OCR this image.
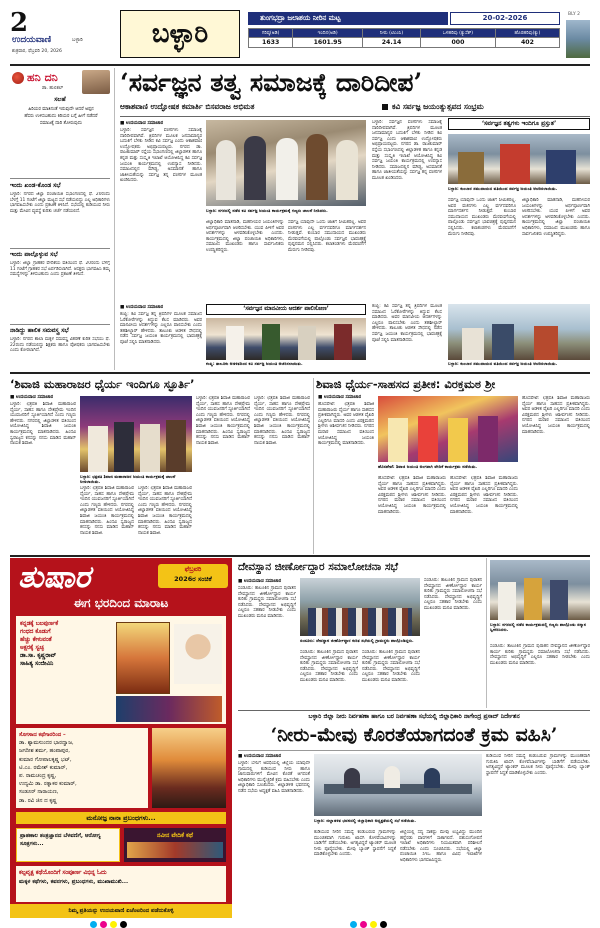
2
ಉದಯವಾಣಿ	ಬಳ್ಳಾರಿ
ಶುಕ್ರವಾರ, ಫೆಬ್ರವರಿ 20, 2026
ಬಳ್ಳಾರಿ
ತುಂಗಭದ್ರಾ ಜಲಾಶಯ ನೀರಿನ ಮಟ್ಟ	20-02-2026
ಗರಿಷ್ಠ(ಅಡಿ)	ಇಂದಿನ(ಅಡಿ)	ನೀರು (ಟಿಎಂಸಿ)	ಒಳಹರಿವು (ಕ್ಯುಸೆಕ್)	ಹೊರಹರಿವು(ಕ್ಯು)
1633	1601.95	24.14	000	402
BLY 2
ಹನಿ ದನಿ
ಡಾ. ಹುಲಿಕಲ್
ಸಲಹೆ
ಹಿರಿಯರ ಮಾತಿನಂತೆ ಇರುವುದೇ ಆದರೆ ಅಪ್ಪನ ಹೆಸರು ಉಳಿಸಬಹುದು ಕಿರಿಯರ ಬಗ್ಗೆ ಹೀಗೆ ನಡೆದರೆ ಸಮಾಜಕ್ಕೆ ದಾರಿ ತೋರುವುದು
ಇಂದು ಖಂಡ-ಕೊಂಡ ಸಭೆ
ಬಳ್ಳಾರಿ: ನಗರದ ಜಿಲ್ಲಾ ಪಂಚಾಯಿತಿ ಸಭಾಂಗಣದಲ್ಲಿ ಫೆ. 20ರಂದು ಬೆಳಗ್ಗೆ 11 ಗಂಟೆಗೆ ಜಿಲ್ಲಾ ಮಟ್ಟದ ಸಭೆ ನಡೆಯಲಿದ್ದು ಎಲ್ಲ ಅಧಿಕಾರಿಗಳು ಭಾಗವಹಿಸಬೇಕು ಎಂದು ಪ್ರಕಟಣೆ ತಿಳಿಸಿದೆ. ಸಭೆಯಲ್ಲಿ ಕುಡಿಯುವ ನೀರು ಮತ್ತು ಮೇವಿನ ವ್ಯವಸ್ಥೆ ಕುರಿತು ಚರ್ಚೆ ನಡೆಯಲಿದೆ.
ಇಂದು ಪಾಲ್ಗೊಳ್ಳುವ ಸಭೆ
ಬಳ್ಳಾರಿ: ಜಿಲ್ಲಾ ಗ್ರಾಹಕರ ವೇದಿಕೆಯ ವತಿಯಿಂದ ಫೆ. 20ರಂದು ಬೆಳಗ್ಗೆ 11 ಗಂಟೆಗೆ ಗ್ರಾಹಕರ ಸಭೆ ಏರ್ಪಡಿಸಲಾಗಿದೆ. ಆಸಕ್ತರು ಭಾಗವಹಿಸಿ ತಮ್ಮ ಸಮಸ್ಯೆಗಳನ್ನು ತಿಳಿಸಬಹುದು ಎಂದು ಪ್ರಕಟಣೆ ತಿಳಿಸಿದೆ.
ನಾಡಿದ್ದು ಹಾಲಿಕ ಸಮವಸ್ತ್ರ ಸಭೆ
ಬಳ್ಳಾರಿ: ನಗರದ ಶಾಲಾ ಮಕ್ಕಳ ಸಮವಸ್ತ್ರ ವಿತರಣೆ ಕುರಿತ ಸಭೆಯು ಫೆ. 22ರಂದು ನಡೆಯಲಿದ್ದು ಶಿಕ್ಷಕರು ಹಾಗೂ ಪೋಷಕರು ಭಾಗವಹಿಸಬೇಕು ಎಂದು ಕೋರಲಾಗಿದೆ.
‘ಸರ್ವಜ್ಞನ ತತ್ವ ಸಮಾಜಕ್ಕೆ ದಾರಿದೀಪ’
ಆಕಾಶವಾಣಿ ಉದ್ಘೋಷಕ ಕಮಾರ್ತಿ ಬಿಸವರಾಜ ಅಭಿಮತ	ಕವಿ ಸರ್ವಜ್ಞ ಜಯಂತ್ಯುತ್ಸವದ ಸಂಭ್ರಮ
■ ಉದಯವಾಣಿ ಸಮಾಚಾರ
ಬಳ್ಳಾರಿ: ಸರ್ವಜ್ಞನ ವಚನಗಳು ಸಮಾಜಕ್ಕೆ ದಾರಿದೀಪವಾಗಿವೆ. ತ್ರಿಪದಿಗಳ ಮೂಲಕ ಜನಸಾಮಾನ್ಯರ ಬದುಕಿಗೆ ಬೆಳಕು ನೀಡಿದ ಕವಿ ಸರ್ವಜ್ಞ ಎಂದು ಆಕಾಶವಾಣಿ ಉದ್ಘೋಷಕರು ಅಭಿಪ್ರಾಯಪಟ್ಟರು. ನಗರದ ಡಾ. ರಾಜಕುಮಾರ್ ರಸ್ತೆಯ ಸಭಾಂಗಣದಲ್ಲಿ ಜಿಲ್ಲಾಡಳಿತ ಹಾಗೂ ಕನ್ನಡ ಮತ್ತು ಸಂಸ್ಕೃತಿ ಇಲಾಖೆ ಆಯೋಜಿಸಿದ್ದ ಕವಿ ಸರ್ವಜ್ಞ ಜಯಂತಿ ಕಾರ್ಯಕ್ರಮದಲ್ಲಿ ಉಪನ್ಯಾಸ ನೀಡಿದರು. ಸಮಾಜದಲ್ಲಿನ ಮೌಢ್ಯ, ಅಸಮಾನತೆ ಹಾಗೂ ಜಾತೀಯತೆಯನ್ನು ಸರ್ವಜ್ಞ ತನ್ನ ವಚನಗಳ ಮೂಲಕ ಖಂಡಿಸಿದರು.
ಬಳ್ಳಾರಿ: ನಗರದಲ್ಲಿ ನಡೆದ ಕವಿ ಸರ್ವಜ್ಞ ಜಯಂತಿ ಕಾರ್ಯಕ್ರಮಕ್ಕೆ ಗಣ್ಯರು ಚಾಲನೆ ನೀಡಿದರು.
ಜಿಲ್ಲಾಧಿಕಾರಿ ಮಾತನಾಡಿ, ಮಹನೀಯರ ಜಯಂತಿಗಳನ್ನು ಅರ್ಥಪೂರ್ಣವಾಗಿ ಆಚರಿಸಬೇಕು. ಯುವ ಪೀಳಿಗೆ ಅವರ ಆದರ್ಶಗಳನ್ನು ಅಳವಡಿಸಿಕೊಳ್ಳಬೇಕು ಎಂದರು. ಕಾರ್ಯಕ್ರಮದಲ್ಲಿ ಜಿಲ್ಲಾ ಪಂಚಾಯಿತಿ ಅಧಿಕಾರಿಗಳು, ಸಮಾಜದ ಮುಖಂಡರು ಹಾಗೂ ಸಾರ್ವಜನಿಕರು ಉಪಸ್ಥಿತರಿದ್ದರು.
ಸರ್ವಜ್ಞ ಯಾವುದೇ ಒಂದು ಜಾತಿಗೆ ಸೀಮಿತರಲ್ಲ. ಅವರ ವಚನಗಳು ಎಲ್ಲ ವರ್ಗದವರಿಗೂ ಮಾರ್ಗದರ್ಶನ ನೀಡುತ್ತವೆ. ಕುಂಬಾರ ಸಮುದಾಯದ ಮುಖಂಡರು ಮೆರವಣಿಗೆಯಲ್ಲಿ ಪಾಲ್ಗೊಂಡು ಸರ್ವಜ್ಞನ ಭಾವಚಿತ್ರಕ್ಕೆ ಪುಷ್ಪನಮನ ಸಲ್ಲಿಸಿದರು. ಕಲಾತಂಡಗಳು ಮೆರವಣಿಗೆಗೆ ಮೆರುಗು ನೀಡಿದವು.
ಬಳ್ಳಾರಿ: ಸರ್ವಜ್ಞನ ವಚನಗಳು ಸಮಾಜಕ್ಕೆ ದಾರಿದೀಪವಾಗಿವೆ. ತ್ರಿಪದಿಗಳ ಮೂಲಕ ಜನಸಾಮಾನ್ಯರ ಬದುಕಿಗೆ ಬೆಳಕು ನೀಡಿದ ಕವಿ ಸರ್ವಜ್ಞ ಎಂದು ಆಕಾಶವಾಣಿ ಉದ್ಘೋಷಕರು ಅಭಿಪ್ರಾಯಪಟ್ಟರು. ನಗರದ ಡಾ. ರಾಜಕುಮಾರ್ ರಸ್ತೆಯ ಸಭಾಂಗಣದಲ್ಲಿ ಜಿಲ್ಲಾಡಳಿತ ಹಾಗೂ ಕನ್ನಡ ಮತ್ತು ಸಂಸ್ಕೃತಿ ಇಲಾಖೆ ಆಯೋಜಿಸಿದ್ದ ಕವಿ ಸರ್ವಜ್ಞ ಜಯಂತಿ ಕಾರ್ಯಕ್ರಮದಲ್ಲಿ ಉಪನ್ಯಾಸ ನೀಡಿದರು. ಸಮಾಜದಲ್ಲಿನ ಮೌಢ್ಯ, ಅಸಮಾನತೆ ಹಾಗೂ ಜಾತೀಯತೆಯನ್ನು ಸರ್ವಜ್ಞ ತನ್ನ ವಚನಗಳ ಮೂಲಕ ಖಂಡಿಸಿದರು.
‘ಸರ್ವಜ್ಞನ ತತ್ವಗಳು ಇಂದಿಗೂ ಪ್ರಸ್ತುತ’
ಬಳ್ಳಾರಿ: ಕುಂಬಾರ ಸಮುದಾಯದ ವತಿಯಿಂದ ಸರ್ವಜ್ಞ ಜಯಂತಿ ಆಚರಿಸಲಾಯಿತು.
ಸರ್ವಜ್ಞ ಯಾವುದೇ ಒಂದು ಜಾತಿಗೆ ಸೀಮಿತರಲ್ಲ. ಅವರ ವಚನಗಳು ಎಲ್ಲ ವರ್ಗದವರಿಗೂ ಮಾರ್ಗದರ್ಶನ ನೀಡುತ್ತವೆ. ಕುಂಬಾರ ಸಮುದಾಯದ ಮುಖಂಡರು ಮೆರವಣಿಗೆಯಲ್ಲಿ ಪಾಲ್ಗೊಂಡು ಸರ್ವಜ್ಞನ ಭಾವಚಿತ್ರಕ್ಕೆ ಪುಷ್ಪನಮನ ಸಲ್ಲಿಸಿದರು. ಕಲಾತಂಡಗಳು ಮೆರವಣಿಗೆಗೆ ಮೆರುಗು ನೀಡಿದವು.
ಜಿಲ್ಲಾಧಿಕಾರಿ ಮಾತನಾಡಿ, ಮಹನೀಯರ ಜಯಂತಿಗಳನ್ನು ಅರ್ಥಪೂರ್ಣವಾಗಿ ಆಚರಿಸಬೇಕು. ಯುವ ಪೀಳಿಗೆ ಅವರ ಆದರ್ಶಗಳನ್ನು ಅಳವಡಿಸಿಕೊಳ್ಳಬೇಕು ಎಂದರು. ಕಾರ್ಯಕ್ರಮದಲ್ಲಿ ಜಿಲ್ಲಾ ಪಂಚಾಯಿತಿ ಅಧಿಕಾರಿಗಳು, ಸಮಾಜದ ಮುಖಂಡರು ಹಾಗೂ ಸಾರ್ವಜನಿಕರು ಉಪಸ್ಥಿತರಿದ್ದರು.
‘ಸರ್ವಜ್ಞನ ಮಾನವೀಯ ಆದರ್ಶ ಪಾಲಿಸೋಣ’
■ ಉದಯವಾಣಿ ಸಮಾಚಾರ
ಕಂಪ್ಲಿ: ಕವಿ ಸರ್ವಜ್ಞ ತನ್ನ ತ್ರಿಪದಿಗಳ ಮೂಲಕ ಸಮಾಜದ ಓರೆಕೋರೆಗಳನ್ನು ತಿದ್ದುವ ಕೆಲಸ ಮಾಡಿದರು. ಅವರ ಮಾನವೀಯ ಆದರ್ಶಗಳನ್ನು ಎಲ್ಲರೂ ಪಾಲಿಸಬೇಕು ಎಂದು ತಹಶೀಲ್ದಾರ್ ಹೇಳಿದರು. ತಾಲೂಕು ಆಡಳಿತ ಸೌಧದಲ್ಲಿ ನಡೆದ ಸರ್ವಜ್ಞ ಜಯಂತಿ ಕಾರ್ಯಕ್ರಮದಲ್ಲಿ ಭಾವಚಿತ್ರಕ್ಕೆ ಪೂಜೆ ಸಲ್ಲಿಸಿ ಮಾತನಾಡಿದರು.
ಕಂಪ್ಲಿ: ತಾಲೂಕು ಆಡಳಿತದಿಂದ ಕವಿ ಸರ್ವಜ್ಞ ಜಯಂತಿ ಆಚರಿಸಲಾಯಿತು.
ಕಂಪ್ಲಿ: ಕವಿ ಸರ್ವಜ್ಞ ತನ್ನ ತ್ರಿಪದಿಗಳ ಮೂಲಕ ಸಮಾಜದ ಓರೆಕೋರೆಗಳನ್ನು ತಿದ್ದುವ ಕೆಲಸ ಮಾಡಿದರು. ಅವರ ಮಾನವೀಯ ಆದರ್ಶಗಳನ್ನು ಎಲ್ಲರೂ ಪಾಲಿಸಬೇಕು ಎಂದು ತಹಶೀಲ್ದಾರ್ ಹೇಳಿದರು. ತಾಲೂಕು ಆಡಳಿತ ಸೌಧದಲ್ಲಿ ನಡೆದ ಸರ್ವಜ್ಞ ಜಯಂತಿ ಕಾರ್ಯಕ್ರಮದಲ್ಲಿ ಭಾವಚಿತ್ರಕ್ಕೆ ಪೂಜೆ ಸಲ್ಲಿಸಿ ಮಾತನಾಡಿದರು.
ಬಳ್ಳಾರಿ: ಕುಂಬಾರ ಸಮುದಾಯದ ವತಿಯಿಂದ ಸರ್ವಜ್ಞ ಜಯಂತಿ ಆಚರಿಸಲಾಯಿತು.
‘ಶಿವಾಜಿ ಮಹಾರಾಜರ ಧೈರ್ಯ ಇಂದಿಗೂ ಸ್ಫೂರ್ತಿ’	ಶಿವಾಜಿ ಧೈರ್ಯ-ಸಾಹಸದ ಪ್ರತೀಕ: ವಿರಕ್ತಮಠ ಶ್ರೀ
■ ಉದಯವಾಣಿ ಸಮಾಚಾರ
ಬಳ್ಳಾರಿ: ಛತ್ರಪತಿ ಶಿವಾಜಿ ಮಹಾರಾಜರ ಧೈರ್ಯ, ಸಾಹಸ ಹಾಗೂ ದೇಶಪ್ರೇಮ ಇಂದಿನ ಯುವಜನರಿಗೆ ಸ್ಫೂರ್ತಿಯಾಗಿದೆ ಎಂದು ಗಣ್ಯರು ಹೇಳಿದರು. ನಗರದಲ್ಲಿ ಜಿಲ್ಲಾಡಳಿತ ವತಿಯಿಂದ ಆಯೋಜಿಸಿದ್ದ ಶಿವಾಜಿ ಜಯಂತಿ ಕಾರ್ಯಕ್ರಮದಲ್ಲಿ ಮಾತನಾಡಿದರು. ಹಿಂದವಿ ಸ್ವರಾಜ್ಯದ ಕನಸನ್ನು ನನಸು ಮಾಡಿದ ಮಹಾನ್ ನಾಯಕ ಶಿವಾಜಿ.
ಬಳ್ಳಾರಿ: ಛತ್ರಪತಿ ಶಿವಾಜಿ ಮಹಾರಾಜರ ಜಯಂತಿ ಕಾರ್ಯಕ್ರಮಕ್ಕೆ ಚಾಲನೆ ನೀಡಲಾಯಿತು.
ಬಳ್ಳಾರಿ: ಛತ್ರಪತಿ ಶಿವಾಜಿ ಮಹಾರಾಜರ ಧೈರ್ಯ, ಸಾಹಸ ಹಾಗೂ ದೇಶಪ್ರೇಮ ಇಂದಿನ ಯುವಜನರಿಗೆ ಸ್ಫೂರ್ತಿಯಾಗಿದೆ ಎಂದು ಗಣ್ಯರು ಹೇಳಿದರು. ನಗರದಲ್ಲಿ ಜಿಲ್ಲಾಡಳಿತ ವತಿಯಿಂದ ಆಯೋಜಿಸಿದ್ದ ಶಿವಾಜಿ ಜಯಂತಿ ಕಾರ್ಯಕ್ರಮದಲ್ಲಿ ಮಾತನಾಡಿದರು. ಹಿಂದವಿ ಸ್ವರಾಜ್ಯದ ಕನಸನ್ನು ನನಸು ಮಾಡಿದ ಮಹಾನ್ ನಾಯಕ ಶಿವಾಜಿ.
ಬಳ್ಳಾರಿ: ಛತ್ರಪತಿ ಶಿವಾಜಿ ಮಹಾರಾಜರ ಧೈರ್ಯ, ಸಾಹಸ ಹಾಗೂ ದೇಶಪ್ರೇಮ ಇಂದಿನ ಯುವಜನರಿಗೆ ಸ್ಫೂರ್ತಿಯಾಗಿದೆ ಎಂದು ಗಣ್ಯರು ಹೇಳಿದರು. ನಗರದಲ್ಲಿ ಜಿಲ್ಲಾಡಳಿತ ವತಿಯಿಂದ ಆಯೋಜಿಸಿದ್ದ ಶಿವಾಜಿ ಜಯಂತಿ ಕಾರ್ಯಕ್ರಮದಲ್ಲಿ ಮಾತನಾಡಿದರು. ಹಿಂದವಿ ಸ್ವರಾಜ್ಯದ ಕನಸನ್ನು ನನಸು ಮಾಡಿದ ಮಹಾನ್ ನಾಯಕ ಶಿವಾಜಿ.
ಬಳ್ಳಾರಿ: ಛತ್ರಪತಿ ಶಿವಾಜಿ ಮಹಾರಾಜರ ಧೈರ್ಯ, ಸಾಹಸ ಹಾಗೂ ದೇಶಪ್ರೇಮ ಇಂದಿನ ಯುವಜನರಿಗೆ ಸ್ಫೂರ್ತಿಯಾಗಿದೆ ಎಂದು ಗಣ್ಯರು ಹೇಳಿದರು. ನಗರದಲ್ಲಿ ಜಿಲ್ಲಾಡಳಿತ ವತಿಯಿಂದ ಆಯೋಜಿಸಿದ್ದ ಶಿವಾಜಿ ಜಯಂತಿ ಕಾರ್ಯಕ್ರಮದಲ್ಲಿ ಮಾತನಾಡಿದರು. ಹಿಂದವಿ ಸ್ವರಾಜ್ಯದ ಕನಸನ್ನು ನನಸು ಮಾಡಿದ ಮಹಾನ್ ನಾಯಕ ಶಿವಾಜಿ.
ಬಳ್ಳಾರಿ: ಛತ್ರಪತಿ ಶಿವಾಜಿ ಮಹಾರಾಜರ ಧೈರ್ಯ, ಸಾಹಸ ಹಾಗೂ ದೇಶಪ್ರೇಮ ಇಂದಿನ ಯುವಜನರಿಗೆ ಸ್ಫೂರ್ತಿಯಾಗಿದೆ ಎಂದು ಗಣ್ಯರು ಹೇಳಿದರು. ನಗರದಲ್ಲಿ ಜಿಲ್ಲಾಡಳಿತ ವತಿಯಿಂದ ಆಯೋಜಿಸಿದ್ದ ಶಿವಾಜಿ ಜಯಂತಿ ಕಾರ್ಯಕ್ರಮದಲ್ಲಿ ಮಾತನಾಡಿದರು. ಹಿಂದವಿ ಸ್ವರಾಜ್ಯದ ಕನಸನ್ನು ನನಸು ಮಾಡಿದ ಮಹಾನ್ ನಾಯಕ ಶಿವಾಜಿ.
■ ಉದಯವಾಣಿ ಸಮಾಚಾರ
ಹೊಸಪೇಟೆ: ಛತ್ರಪತಿ ಶಿವಾಜಿ ಮಹಾರಾಜರು ಧೈರ್ಯ ಹಾಗೂ ಸಾಹಸದ ಪ್ರತೀಕವಾಗಿದ್ದರು. ಅವರ ಆಡಳಿತ ವೈಖರಿ ಎಲ್ಲರಿಗೂ ಮಾದರಿ ಎಂದು ವಿರಕ್ತಮಠದ ಶ್ರೀಗಳು ಆಶೀರ್ವಚನ ನೀಡಿದರು. ನಗರದ ಮರಾಠ ಸಮಾಜದ ವತಿಯಿಂದ ಆಯೋಜಿಸಿದ್ದ ಜಯಂತಿ ಕಾರ್ಯಕ್ರಮದಲ್ಲಿ ಮಾತನಾಡಿದರು.
ಹೊಸಪೇಟೆ: ಶಿವಾಜಿ ಜಯಂತಿ ಅಂಗವಾಗಿ ವೇದಿಕೆ ಕಾರ್ಯಕ್ರಮ ನಡೆಯಿತು.
ಹೊಸಪೇಟೆ: ಛತ್ರಪತಿ ಶಿವಾಜಿ ಮಹಾರಾಜರು ಧೈರ್ಯ ಹಾಗೂ ಸಾಹಸದ ಪ್ರತೀಕವಾಗಿದ್ದರು. ಅವರ ಆಡಳಿತ ವೈಖರಿ ಎಲ್ಲರಿಗೂ ಮಾದರಿ ಎಂದು ವಿರಕ್ತಮಠದ ಶ್ರೀಗಳು ಆಶೀರ್ವಚನ ನೀಡಿದರು. ನಗರದ ಮರಾಠ ಸಮಾಜದ ವತಿಯಿಂದ ಆಯೋಜಿಸಿದ್ದ ಜಯಂತಿ ಕಾರ್ಯಕ್ರಮದಲ್ಲಿ ಮಾತನಾಡಿದರು.
ಹೊಸಪೇಟೆ: ಛತ್ರಪತಿ ಶಿವಾಜಿ ಮಹಾರಾಜರು ಧೈರ್ಯ ಹಾಗೂ ಸಾಹಸದ ಪ್ರತೀಕವಾಗಿದ್ದರು. ಅವರ ಆಡಳಿತ ವೈಖರಿ ಎಲ್ಲರಿಗೂ ಮಾದರಿ ಎಂದು ವಿರಕ್ತಮಠದ ಶ್ರೀಗಳು ಆಶೀರ್ವಚನ ನೀಡಿದರು. ನಗರದ ಮರಾಠ ಸಮಾಜದ ವತಿಯಿಂದ ಆಯೋಜಿಸಿದ್ದ ಜಯಂತಿ ಕಾರ್ಯಕ್ರಮದಲ್ಲಿ ಮಾತನಾಡಿದರು.
ಹೊಸಪೇಟೆ: ಛತ್ರಪತಿ ಶಿವಾಜಿ ಮಹಾರಾಜರು ಧೈರ್ಯ ಹಾಗೂ ಸಾಹಸದ ಪ್ರತೀಕವಾಗಿದ್ದರು. ಅವರ ಆಡಳಿತ ವೈಖರಿ ಎಲ್ಲರಿಗೂ ಮಾದರಿ ಎಂದು ವಿರಕ್ತಮಠದ ಶ್ರೀಗಳು ಆಶೀರ್ವಚನ ನೀಡಿದರು. ನಗರದ ಮರಾಠ ಸಮಾಜದ ವತಿಯಿಂದ ಆಯೋಜಿಸಿದ್ದ ಜಯಂತಿ ಕಾರ್ಯಕ್ರಮದಲ್ಲಿ ಮಾತನಾಡಿದರು.
ತುಷಾರ	ಫೆಬ್ರವರಿ
2026ರ ಸಂಚಿಕೆ
ಈಗ ಭರದಿಂದ ಮಾರಾಟ
ಕನ್ನಡಕ್ಕೆ ಬಲಪುರ್ಣಕೆ
ಗಂಧದ ಕೊಡುಗೆ
ಹೆಚ್ಚು ಕೇಳುವಂತೆ
ಅಕ್ಷರಕ್ಕೆ ಸ್ವಚ್ಛ
ಡಾ.ಸಾ. ಕೃಷ್ಣರಾವ್
ಸಾಹಿತ್ಯ ಸಂಜೀವಿನಿ
ಸೊಗಸಾದ ಕಥೆಗಾರರಿಂದ –
ಡಾ. ಶ್ಯಾಮಸುಂದರ ಭಾರದ್ವಾಜ,
ಜಗದೀಶ ಶರ್ಮ, ಹಂಪಾಪುರ,
ಕುಮಾರ ಗೋಪಾಲಕೃಷ್ಣ ಭಟ್,
ಟಿ.ಎಂ. ರಮೇಶ್ ಕುಮಾರ್,
ಪ. ರಾಮಚಂದ್ರ ಕೃಷ್ಣ,
ಉದ್ಯಮಿ ಡಾ. ರತ್ನಾಕರ ಕುಮಾರ್,
ಸಂಡೂರ್ ನಾರಾಯಣ,
ಡಾ. ರವಿ ಜಿನ ದ ಕೃಷ್ಣ
ಮನೋಜ್ಞ ನಾನಾ ಪ್ರಬಂಧಗಳು...
ಪ್ರಾತಃಕಾಲ ತಂತ್ರಜ್ಞಾನದ ಬೆಳವಣಿಗೆ, ಆರೋಗ್ಯ ಸೂತ್ರಗಳು...
ನವೀನ ವೇದಿಕೆ ಕಥೆ
ಕಲ್ಪವೃಕ್ಷ ಕಥೆಯೊಂದಿಗೆ ಸಂಪೂರ್ಣ ವಿಭಿನ್ನ ಓದು
ಮಕ್ಕಳ ಕಥೆಗಳು, ಕವನಗಳು, ಪ್ರಬಂಧಗಳು, ಮುಖಾಮುಖಿ...
ನಿಮ್ಮ ಪ್ರತಿಯನ್ನು ಉದಯವಾಣಿ ಏಜೆಂಟರಿಂದ ಪಡೆದುಕೊಳ್ಳಿ
ದೇವಸ್ಥಾನ ಜೀರ್ಣೋದ್ಧಾರ ಸಮಾಲೋಚನಾ ಸಭೆ
■ ಉದಯವಾಣಿ ಸಮಾಚಾರ
ಸಂಡೂರು: ತಾಲೂಕಿನ ಗ್ರಾಮದ ಪುರಾತನ ದೇವಸ್ಥಾನದ ಜೀರ್ಣೋದ್ಧಾರ ಕಾರ್ಯ ಕುರಿತು ಗ್ರಾಮಸ್ಥರು ಸಮಾಲೋಚನಾ ಸಭೆ ನಡೆಸಿದರು. ದೇವಸ್ಥಾನದ ಅಭಿವೃದ್ಧಿಗೆ ಎಲ್ಲರೂ ಸಹಕಾರ ನೀಡಬೇಕು ಎಂದು ಮುಖಂಡರು ಮನವಿ ಮಾಡಿದರು.
ಸಂಡೂರು: ದೇವಸ್ಥಾನ ಜೀರ್ಣೋದ್ಧಾರ ಕುರಿತ ಸಭೆಯಲ್ಲಿ ಗ್ರಾಮಸ್ಥರು ಪಾಲ್ಗೊಂಡಿದ್ದರು.
ಸಂಡೂರು: ತಾಲೂಕಿನ ಗ್ರಾಮದ ಪುರಾತನ ದೇವಸ್ಥಾನದ ಜೀರ್ಣೋದ್ಧಾರ ಕಾರ್ಯ ಕುರಿತು ಗ್ರಾಮಸ್ಥರು ಸಮಾಲೋಚನಾ ಸಭೆ ನಡೆಸಿದರು. ದೇವಸ್ಥಾನದ ಅಭಿವೃದ್ಧಿಗೆ ಎಲ್ಲರೂ ಸಹಕಾರ ನೀಡಬೇಕು ಎಂದು ಮುಖಂಡರು ಮನವಿ ಮಾಡಿದರು.
ಸಂಡೂರು: ತಾಲೂಕಿನ ಗ್ರಾಮದ ಪುರಾತನ ದೇವಸ್ಥಾನದ ಜೀರ್ಣೋದ್ಧಾರ ಕಾರ್ಯ ಕುರಿತು ಗ್ರಾಮಸ್ಥರು ಸಮಾಲೋಚನಾ ಸಭೆ ನಡೆಸಿದರು. ದೇವಸ್ಥಾನದ ಅಭಿವೃದ್ಧಿಗೆ ಎಲ್ಲರೂ ಸಹಕಾರ ನೀಡಬೇಕು ಎಂದು ಮುಖಂಡರು ಮನವಿ ಮಾಡಿದರು.
ಸಂಡೂರು: ತಾಲೂಕಿನ ಗ್ರಾಮದ ಪುರಾತನ ದೇವಸ್ಥಾನದ ಜೀರ್ಣೋದ್ಧಾರ ಕಾರ್ಯ ಕುರಿತು ಗ್ರಾಮಸ್ಥರು ಸಮಾಲೋಚನಾ ಸಭೆ ನಡೆಸಿದರು. ದೇವಸ್ಥಾನದ ಅಭಿವೃದ್ಧಿಗೆ ಎಲ್ಲರೂ ಸಹಕಾರ ನೀಡಬೇಕು ಎಂದು ಮುಖಂಡರು ಮನವಿ ಮಾಡಿದರು.
ಬಳ್ಳಾರಿ: ನಗರದಲ್ಲಿ ನಡೆದ ಕಾರ್ಯಕ್ರಮದಲ್ಲಿ ಗಣ್ಯರು ಪಾಲ್ಗೊಂಡು ಸನ್ಮಾನ ಸ್ವೀಕರಿಸಿದರು.
ಸಂಡೂರು: ತಾಲೂಕಿನ ಗ್ರಾಮದ ಪುರಾತನ ದೇವಸ್ಥಾನದ ಜೀರ್ಣೋದ್ಧಾರ ಕಾರ್ಯ ಕುರಿತು ಗ್ರಾಮಸ್ಥರು ಸಮಾಲೋಚನಾ ಸಭೆ ನಡೆಸಿದರು. ದೇವಸ್ಥಾನದ ಅಭಿವೃದ್ಧಿಗೆ ಎಲ್ಲರೂ ಸಹಕಾರ ನೀಡಬೇಕು ಎಂದು ಮುಖಂಡರು ಮನವಿ ಮಾಡಿದರು.
ಬಳ್ಳಾರಿ ಜಿಲ್ಲಾ ನೀರು ನಿರ್ವಹಣಾ ಹಾಗೂ ಬರ ನಿರ್ವಹಣಾ ಸಭೆಯಲ್ಲಿ ಜಿಲ್ಲಾಧಿಕಾರಿ ನಾಗೇಂದ್ರ ಪ್ರಸಾದ್ ನಿರ್ದೇಶನ
‘ನೀರು-ಮೇವು ಕೊರತೆಯಾಗದಂತೆ ಕ್ರಮ ವಹಿಸಿ’
■ ಉದಯವಾಣಿ ಸಮಾಚಾರ
ಬಳ್ಳಾರಿ: ಬೇಸಿಗೆ ಅವಧಿಯಲ್ಲಿ ಜಿಲ್ಲೆಯ ಯಾವುದೇ ಗ್ರಾಮದಲ್ಲಿ ಕುಡಿಯುವ ನೀರು ಹಾಗೂ ಜಾನುವಾರುಗಳಿಗೆ ಮೇವಿನ ಕೊರತೆ ಆಗದಂತೆ ಅಧಿಕಾರಿಗಳು ಮುನ್ನೆಚ್ಚರಿಕೆ ಕ್ರಮ ವಹಿಸಬೇಕು ಎಂದು ಜಿಲ್ಲಾಧಿಕಾರಿ ಸೂಚಿಸಿದರು. ಜಿಲ್ಲಾಡಳಿತ ಭವನದಲ್ಲಿ ನಡೆದ ಸಭೆಯ ಅಧ್ಯಕ್ಷತೆ ವಹಿಸಿ ಮಾತನಾಡಿದರು.
ಬಳ್ಳಾರಿ: ಜಿಲ್ಲಾಡಳಿತ ಭವನದಲ್ಲಿ ಜಿಲ್ಲಾಧಿಕಾರಿ ಅಧ್ಯಕ್ಷತೆಯಲ್ಲಿ ಸಭೆ ನಡೆಯಿತು.
ಕುಡಿಯುವ ನೀರಿನ ಸಮಸ್ಯೆ ಕಂಡುಬರುವ ಗ್ರಾಮಗಳನ್ನು ಮುಂಚಿತವಾಗಿ ಗುರುತಿಸಿ ಖಾಸಗಿ ಕೊಳವೆಬಾವಿಗಳನ್ನು ಬಾಡಿಗೆಗೆ ಪಡೆಯಬೇಕು. ಅಗತ್ಯವಿದ್ದರೆ ಟ್ಯಾಂಕರ್ ಮೂಲಕ ನೀರು ಪೂರೈಸಬೇಕು. ಮೇವು ಬ್ಯಾಂಕ್ ಸ್ಥಾಪನೆಗೆ ಸಿದ್ಧತೆ ಮಾಡಿಕೊಳ್ಳಬೇಕು ಎಂದರು.
ಜಿಲ್ಲೆಯಲ್ಲಿ ಸದ್ಯ ಸಾಕಷ್ಟು ಮೇವು ಲಭ್ಯವಿದ್ದು ಮುಂದಿನ ಹನ್ನೆರಡು ವಾರಗಳಿಗೆ ಸಾಕಾಗಲಿದೆ. ಪಶುಸಂಗೋಪನೆ ಇಲಾಖೆ ಅಧಿಕಾರಿಗಳು ನಿಯಮಿತವಾಗಿ ಪರಿಶೀಲನೆ ನಡೆಸಬೇಕು ಎಂದು ಸೂಚಿಸಿದರು. ಸಭೆಯಲ್ಲಿ ಜಿಲ್ಲಾ ಪಂಚಾಯಿತಿ ಸಿಇಒ ಹಾಗೂ ವಿವಿಧ ಇಲಾಖೆಗಳ ಅಧಿಕಾರಿಗಳು ಭಾಗವಹಿಸಿದ್ದರು.
ಕುಡಿಯುವ ನೀರಿನ ಸಮಸ್ಯೆ ಕಂಡುಬರುವ ಗ್ರಾಮಗಳನ್ನು ಮುಂಚಿತವಾಗಿ ಗುರುತಿಸಿ ಖಾಸಗಿ ಕೊಳವೆಬಾವಿಗಳನ್ನು ಬಾಡಿಗೆಗೆ ಪಡೆಯಬೇಕು. ಅಗತ್ಯವಿದ್ದರೆ ಟ್ಯಾಂಕರ್ ಮೂಲಕ ನೀರು ಪೂರೈಸಬೇಕು. ಮೇವು ಬ್ಯಾಂಕ್ ಸ್ಥಾಪನೆಗೆ ಸಿದ್ಧತೆ ಮಾಡಿಕೊಳ್ಳಬೇಕು ಎಂದರು.
